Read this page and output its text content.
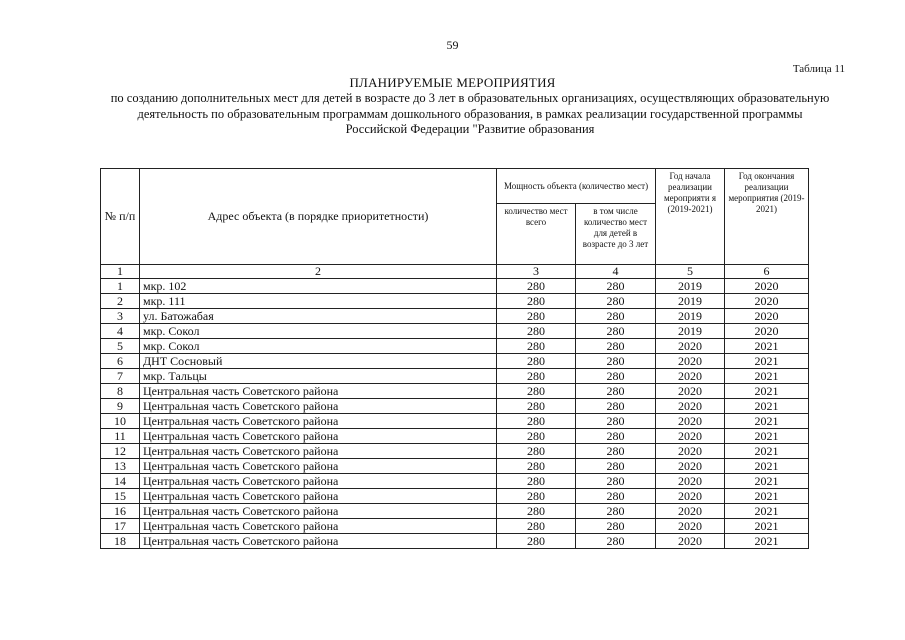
59
Таблица 11
ПЛАНИРУЕМЫЕ МЕРОПРИЯТИЯ
по созданию дополнительных мест для детей в возрасте до 3 лет в образовательных организациях, осуществляющих образовательную деятельность по образовательным программам дошкольного образования, в рамках реализации государственной программы Российской Федерации "Развитие образования
№ п/п	Адрес объекта (в порядке приоритетности)	Мощность объекта (количество мест)		Год начала реализации мероприяти я (2019-2021)	Год окончания реализации мероприятия (2019-2021)
		количество мест всего	в том числе количество мест для детей в возрасте до 3 лет		
1	2	3	4	5	6
1	мкр. 102	280	280	2019	2020
2	мкр. 111	280	280	2019	2020
3	ул. Батожабая	280	280	2019	2020
4	мкр. Сокол	280	280	2019	2020
5	мкр. Сокол	280	280	2020	2021
6	ДНТ Сосновый	280	280	2020	2021
7	мкр. Тальцы	280	280	2020	2021
8	Центральная часть Советского района	280	280	2020	2021
9	Центральная часть Советского района	280	280	2020	2021
10	Центральная часть Советского района	280	280	2020	2021
11	Центральная часть Советского района	280	280	2020	2021
12	Центральная часть Советского района	280	280	2020	2021
13	Центральная часть Советского района	280	280	2020	2021
14	Центральная часть Советского района	280	280	2020	2021
15	Центральная часть Советского района	280	280	2020	2021
16	Центральная часть Советского района	280	280	2020	2021
17	Центральная часть Советского района	280	280	2020	2021
18	Центральная часть Советского района	280	280	2020	2021
